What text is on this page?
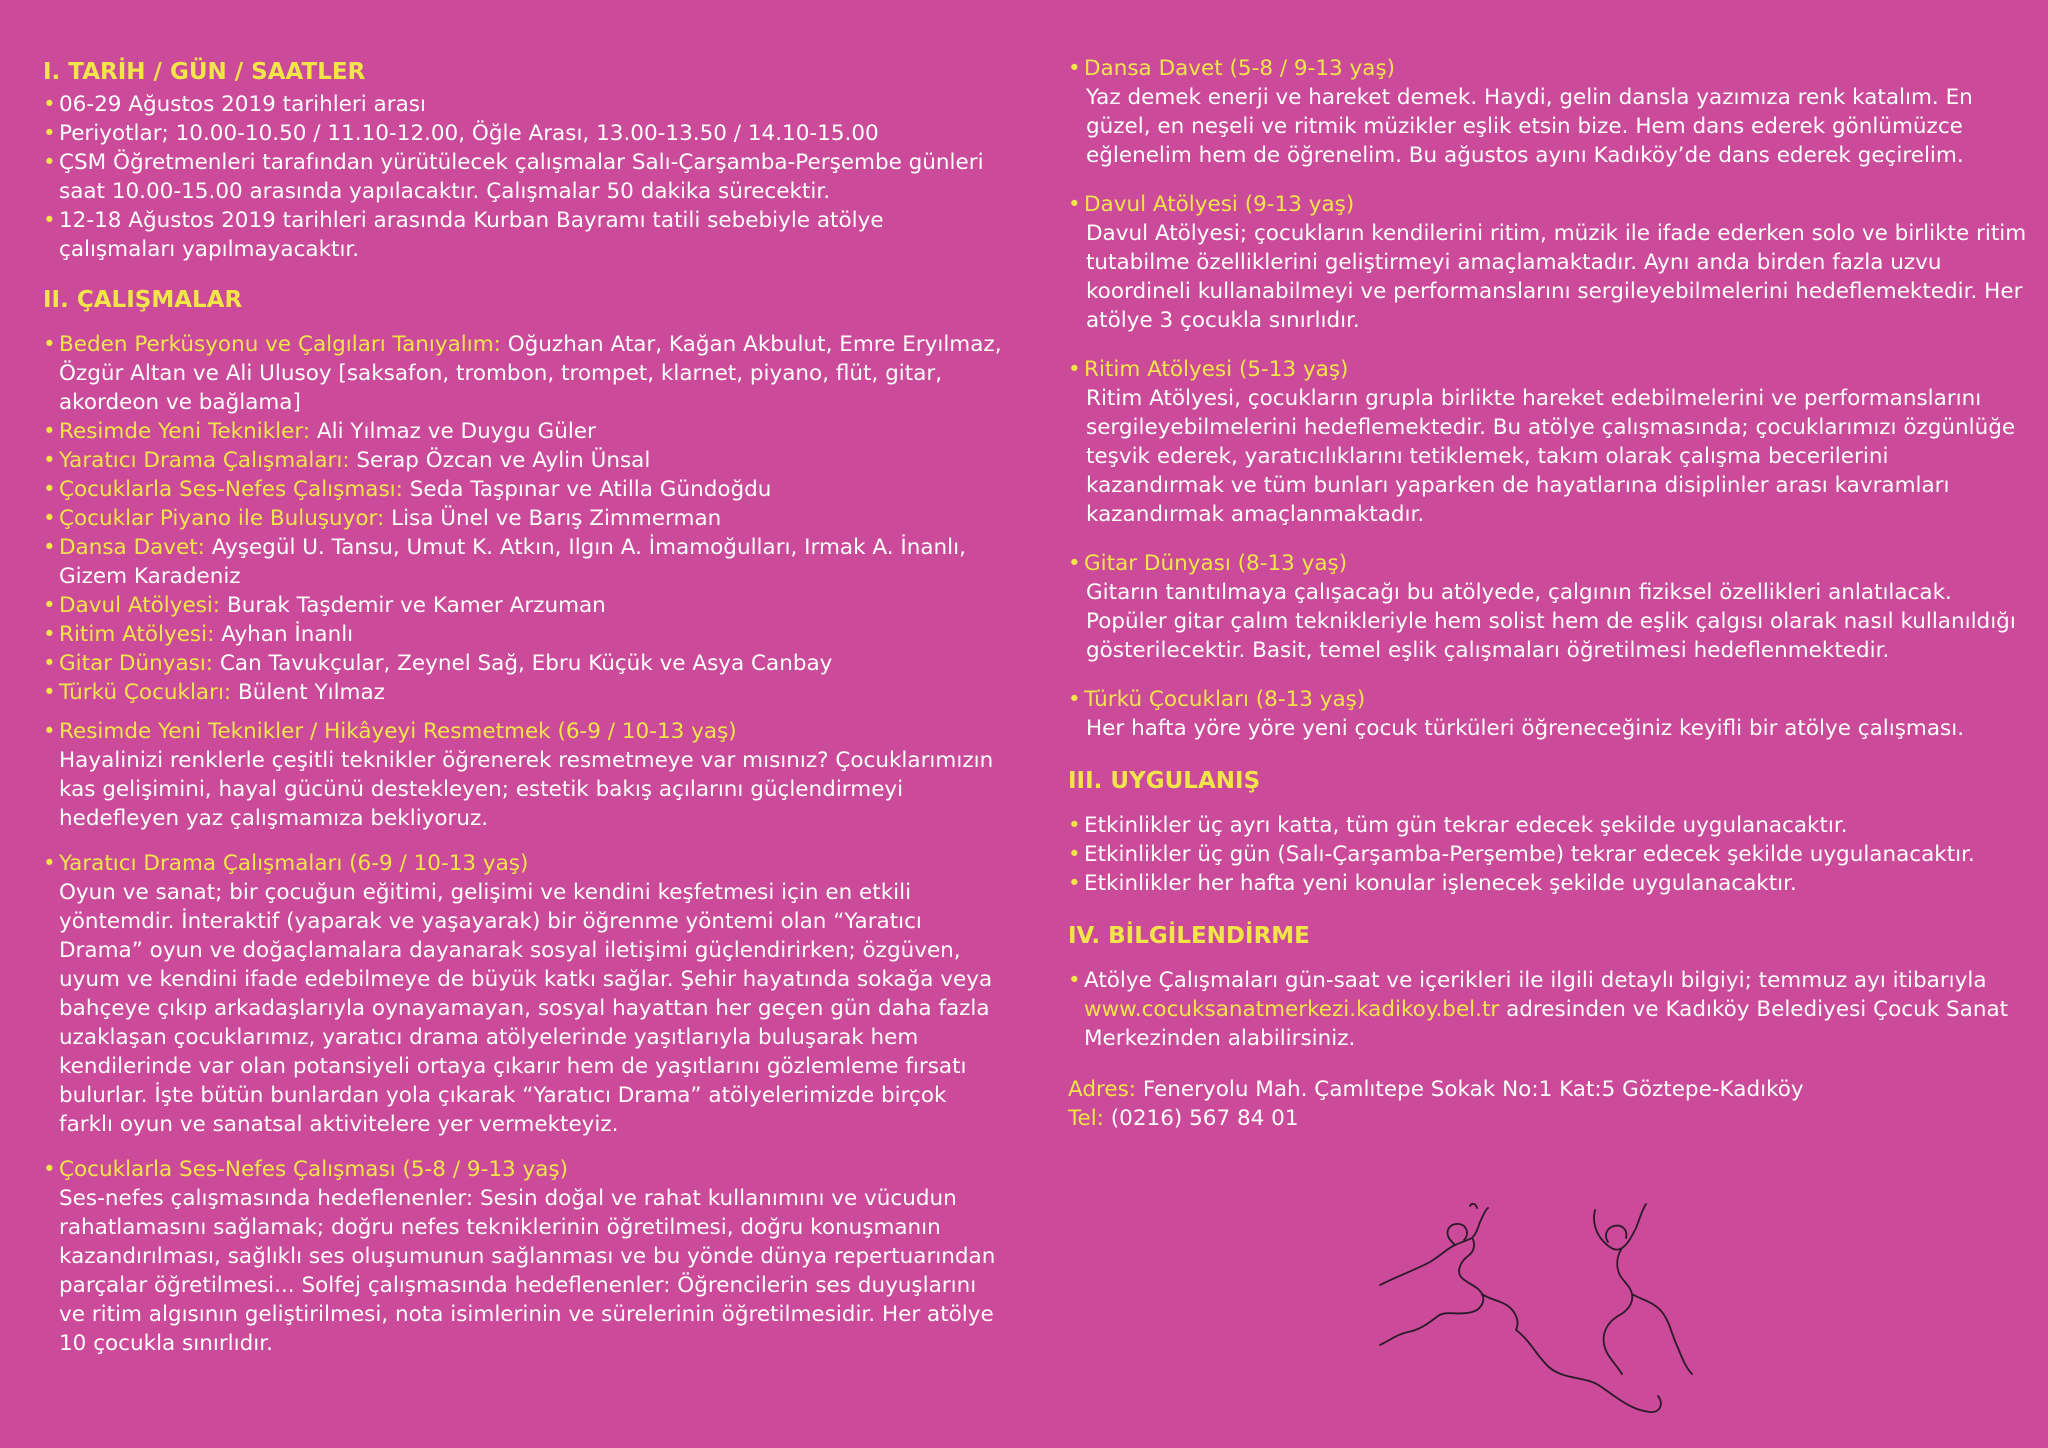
I. TARİH / GÜN / SAATLER
• 06-29 Ağustos 2019 tarihleri arası
• Periyotlar; 10.00-10.50 / 11.10-12.00, Öğle Arası, 13.00-13.50 / 14.10-15.00
• ÇSM Öğretmenleri tarafından yürütülecek çalışmalar Salı-Çarşamba-Perşembe günleri saat 10.00-15.00 arasında yapılacaktır. Çalışmalar 50 dakika sürecektir.
• 12-18 Ağustos 2019 tarihleri arasında Kurban Bayramı tatili sebebiyle atölye çalışmaları yapılmayacaktır.
II. ÇALIŞMALAR
• Beden Perküsyonu ve Çalgıları Tanıyalım: Oğuzhan Atar, Kağan Akbulut, Emre Eryılmaz, Özgür Altan ve Ali Ulusoy [saksafon, trombon, trompet, klarnet, piyano, flüt, gitar, akordeon ve bağlama]
• Resimde Yeni Teknikler: Ali Yılmaz ve Duygu Güler
• Yaratıcı Drama Çalışmaları: Serap Özcan ve Aylin Ünsal
• Çocuklarla Ses-Nefes Çalışması: Seda Taşpınar ve Atilla Gündoğdu
• Çocuklar Piyano ile Buluşuyor: Lisa Ünel ve Barış Zimmerman
• Dansa Davet: Ayşegül U. Tansu, Umut K. Atkın, Ilgın A. İmamoğulları, Irmak A. İnanlı, Gizem Karadeniz
• Davul Atölyesi: Burak Taşdemir ve Kamer Arzuman
• Ritim Atölyesi: Ayhan İnanlı
• Gitar Dünyası: Can Tavukçular, Zeynel Sağ, Ebru Küçük ve Asya Canbay
• Türkü Çocukları: Bülent Yılmaz
• Resimde Yeni Teknikler / Hikâyeyi Resmetmek (6-9 / 10-13 yaş)
Hayalinizi renklerle çeşitli teknikler öğrenerek resmetmeye var mısınız? Çocuklarımızın kas gelişimini, hayal gücünü destekleyen; estetik bakış açılarını güçlendirmeyi hedefleyen yaz çalışmamıza bekliyoruz.
• Yaratıcı Drama Çalışmaları (6-9 / 10-13 yaş)
Oyun ve sanat; bir çocuğun eğitimi, gelişimi ve kendini keşfetmesi için en etkili yöntemdir. İnteraktif (yaparak ve yaşayarak) bir öğrenme yöntemi olan “Yaratıcı Drama” oyun ve doğaçlamalara dayanarak sosyal iletişimi güçlendirirken; özgüven, uyum ve kendini ifade edebilmeye de büyük katkı sağlar. Şehir hayatında sokağa veya bahçeye çıkıp arkadaşlarıyla oynayamayan, sosyal hayattan her geçen gün daha fazla uzaklaşan çocuklarımız, yaratıcı drama atölyelerinde yaşıtlarıyla buluşarak hem kendilerinde var olan potansiyeli ortaya çıkarır hem de yaşıtlarını gözlemleme fırsatı bulurlar. İşte bütün bunlardan yola çıkarak “Yaratıcı Drama” atölyelerimizde birçok farklı oyun ve sanatsal aktivitelere yer vermekteyiz.
• Çocuklarla Ses-Nefes Çalışması (5-8 / 9-13 yaş)
Ses-nefes çalışmasında hedeflenenler: Sesin doğal ve rahat kullanımını ve vücudun rahatlamasını sağlamak; doğru nefes tekniklerinin öğretilmesi, doğru konuşmanın kazandırılması, sağlıklı ses oluşumunun sağlanması ve bu yönde dünya repertuarından parçalar öğretilmesi... Solfej çalışmasında hedeflenenler: Öğrencilerin ses duyuşlarını ve ritim algısının geliştirilmesi, nota isimlerinin ve sürelerinin öğretilmesidir. Her atölye 10 çocukla sınırlıdır.
• Dansa Davet (5-8 / 9-13 yaş)
Yaz demek enerji ve hareket demek. Haydi, gelin dansla yazımıza renk katalım. En güzel, en neşeli ve ritmik müzikler eşlik etsin bize. Hem dans ederek gönlümüzce eğlenelim hem de öğrenelim. Bu ağustos ayını Kadıköy’de dans ederek geçirelim.
• Davul Atölyesi (9-13 yaş)
Davul Atölyesi; çocukların kendilerini ritim, müzik ile ifade ederken solo ve birlikte ritim tutabilme özelliklerini geliştirmeyi amaçlamaktadır. Aynı anda birden fazla uzvu koordineli kullanabilmeyi ve performanslarını sergileyebilmelerini hedeflemektedir. Her atölye 3 çocukla sınırlıdır.
• Ritim Atölyesi (5-13 yaş)
Ritim Atölyesi, çocukların grupla birlikte hareket edebilmelerini ve performanslarını sergileyebilmelerini hedeflemektedir. Bu atölye çalışmasında; çocuklarımızı özgünlüğe teşvik ederek, yaratıcılıklarını tetiklemek, takım olarak çalışma becerilerini kazandırmak ve tüm bunları yaparken de hayatlarına disiplinler arası kavramları kazandırmak amaçlanmaktadır.
• Gitar Dünyası (8-13 yaş)
Gitarın tanıtılmaya çalışacağı bu atölyede, çalgının fiziksel özellikleri anlatılacak. Popüler gitar çalım teknikleriyle hem solist hem de eşlik çalgısı olarak nasıl kullanıldığı gösterilecektir. Basit, temel eşlik çalışmaları öğretilmesi hedeflenmektedir.
• Türkü Çocukları (8-13 yaş)
Her hafta yöre yöre yeni çocuk türküleri öğreneceğiniz keyifli bir atölye çalışması.
III. UYGULANIŞ
• Etkinlikler üç ayrı katta, tüm gün tekrar edecek şekilde uygulanacaktır.
• Etkinlikler üç gün (Salı-Çarşamba-Perşembe) tekrar edecek şekilde uygulanacaktır.
• Etkinlikler her hafta yeni konular işlenecek şekilde uygulanacaktır.
IV. BİLGİLENDİRME
• Atölye Çalışmaları gün-saat ve içerikleri ile ilgili detaylı bilgiyi; temmuz ayı itibarıyla
www.cocuksanatmerkezi.kadikoy.bel.tr adresinden ve Kadıköy Belediyesi Çocuk Sanat Merkezinden alabilirsiniz.
Adres: Feneryolu Mah. Çamlıtepe Sokak No:1 Kat:5 Göztepe-Kadıköy
Tel: (0216) 567 84 01
